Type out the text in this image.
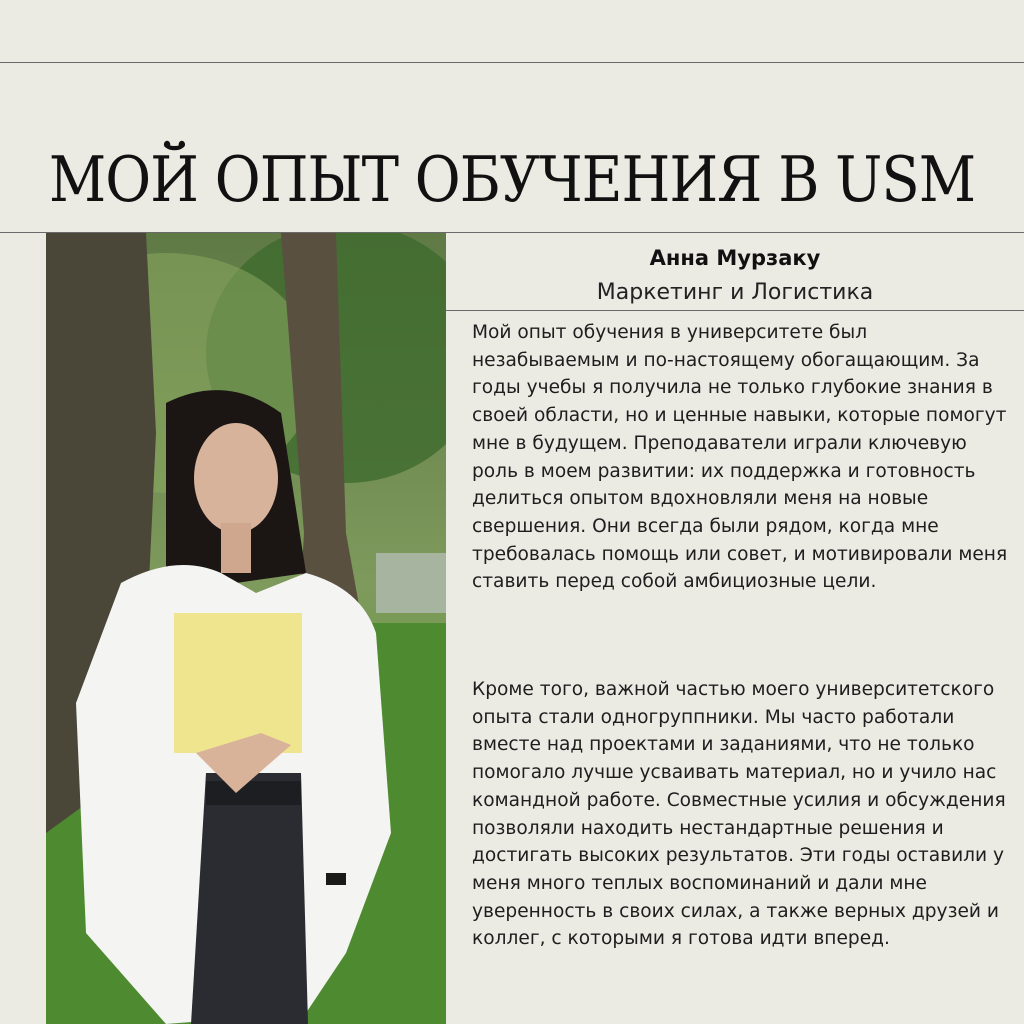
МОЙ ОПЫТ ОБУЧЕНИЯ В USM
Анна Мурзаку
Маркетинг и Логистика

Мой опыт обучения в университете был незабываемым и по-настоящему обогащающим. За годы учебы я получила не только глубокие знания в своей области, но и ценные навыки, которые помогут мне в будущем. Преподаватели играли ключевую роль в моем развитии: их поддержка и готовность делиться опытом вдохновляли меня на новые свершения. Они всегда были рядом, когда мне требовалась помощь или совет, и мотивировали меня ставить перед собой амбициозные цели.

Кроме того, важной частью моего университетского опыта стали одногруппники. Мы часто работали вместе над проектами и заданиями, что не только помогало лучше усваивать материал, но и учило нас командной работе. Совместные усилия и обсуждения позволяли находить нестандартные решения и достигать высоких результатов. Эти годы оставили у меня много теплых воспоминаний и дали мне уверенность в своих силах, а также верных друзей и коллег, с которыми я готова идти вперед.
